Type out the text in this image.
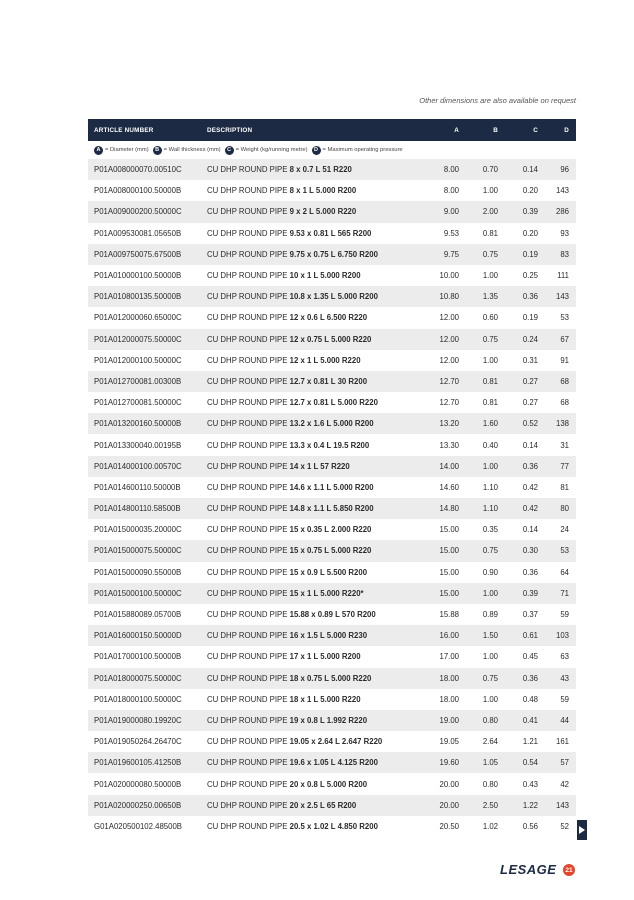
Other dimensions are also available on request
ARTICLE NUMBER	DESCRIPTION	A	B	C	D
A = Diameter (mm)	B = Wall thickness (mm)	C = Weight (kg/running metre)	D = Maximum operating pressure
P01A008000070.00510C	CU DHP ROUND PIPE 8 x 0.7 L 51 R220	8.00	0.70	0.14	96
P01A008000100.50000B	CU DHP ROUND PIPE 8 x 1 L 5.000 R200	8.00	1.00	0.20	143
P01A009000200.50000C	CU DHP ROUND PIPE 9 x 2 L 5.000 R220	9.00	2.00	0.39	286
P01A009530081.05650B	CU DHP ROUND PIPE 9.53 x 0.81 L 565 R200	9.53	0.81	0.20	93
P01A009750075.67500B	CU DHP ROUND PIPE 9.75 x 0.75 L 6.750 R200	9.75	0.75	0.19	83
P01A010000100.50000B	CU DHP ROUND PIPE 10 x 1 L 5.000 R200	10.00	1.00	0.25	111
P01A010800135.50000B	CU DHP ROUND PIPE 10.8 x 1.35 L 5.000 R200	10.80	1.35	0.36	143
P01A012000060.65000C	CU DHP ROUND PIPE 12 x 0.6 L 6.500 R220	12.00	0.60	0.19	53
P01A012000075.50000C	CU DHP ROUND PIPE 12 x 0.75 L 5.000 R220	12.00	0.75	0.24	67
P01A012000100.50000C	CU DHP ROUND PIPE 12 x 1 L 5.000 R220	12.00	1.00	0.31	91
P01A012700081.00300B	CU DHP ROUND PIPE 12.7 x 0.81 L 30 R200	12.70	0.81	0.27	68
P01A012700081.50000C	CU DHP ROUND PIPE 12.7 x 0.81 L 5.000 R220	12.70	0.81	0.27	68
P01A013200160.50000B	CU DHP ROUND PIPE 13.2 x 1.6 L 5.000 R200	13.20	1.60	0.52	138
P01A013300040.00195B	CU DHP ROUND PIPE 13.3 x 0.4 L 19.5 R200	13.30	0.40	0.14	31
P01A014000100.00570C	CU DHP ROUND PIPE 14 x 1 L 57 R220	14.00	1.00	0.36	77
P01A014600110.50000B	CU DHP ROUND PIPE 14.6 x 1.1 L 5.000 R200	14.60	1.10	0.42	81
P01A014800110.58500B	CU DHP ROUND PIPE 14.8 x 1.1 L 5.850 R200	14.80	1.10	0.42	80
P01A015000035.20000C	CU DHP ROUND PIPE 15 x 0.35 L 2.000 R220	15.00	0.35	0.14	24
P01A015000075.50000C	CU DHP ROUND PIPE 15 x 0.75 L 5.000 R220	15.00	0.75	0.30	53
P01A015000090.55000B	CU DHP ROUND PIPE 15 x 0.9 L 5.500 R200	15.00	0.90	0.36	64
P01A015000100.50000C	CU DHP ROUND PIPE 15 x 1 L 5.000 R220*	15.00	1.00	0.39	71
P01A015880089.05700B	CU DHP ROUND PIPE 15.88 x 0.89 L 570 R200	15.88	0.89	0.37	59
P01A016000150.50000D	CU DHP ROUND PIPE 16 x 1.5 L 5.000 R230	16.00	1.50	0.61	103
P01A017000100.50000B	CU DHP ROUND PIPE 17 x 1 L 5.000 R200	17.00	1.00	0.45	63
P01A018000075.50000C	CU DHP ROUND PIPE 18 x 0.75 L 5.000 R220	18.00	0.75	0.36	43
P01A018000100.50000C	CU DHP ROUND PIPE 18 x 1 L 5.000 R220	18.00	1.00	0.48	59
P01A019000080.19920C	CU DHP ROUND PIPE 19 x 0.8 L 1.992 R220	19.00	0.80	0.41	44
P01A019050264.26470C	CU DHP ROUND PIPE 19.05 x 2.64 L 2.647 R220	19.05	2.64	1.21	161
P01A019600105.41250B	CU DHP ROUND PIPE 19.6 x 1.05 L 4.125 R200	19.60	1.05	0.54	57
P01A020000080.50000B	CU DHP ROUND PIPE 20 x 0.8 L 5.000 R200	20.00	0.80	0.43	42
P01A020000250.00650B	CU DHP ROUND PIPE 20 x 2.5 L 65 R200	20.00	2.50	1.22	143
G01A020500102.48500B	CU DHP ROUND PIPE 20.5 x 1.02 L 4.850 R200	20.50	1.02	0.56	52
LESAGE	21
